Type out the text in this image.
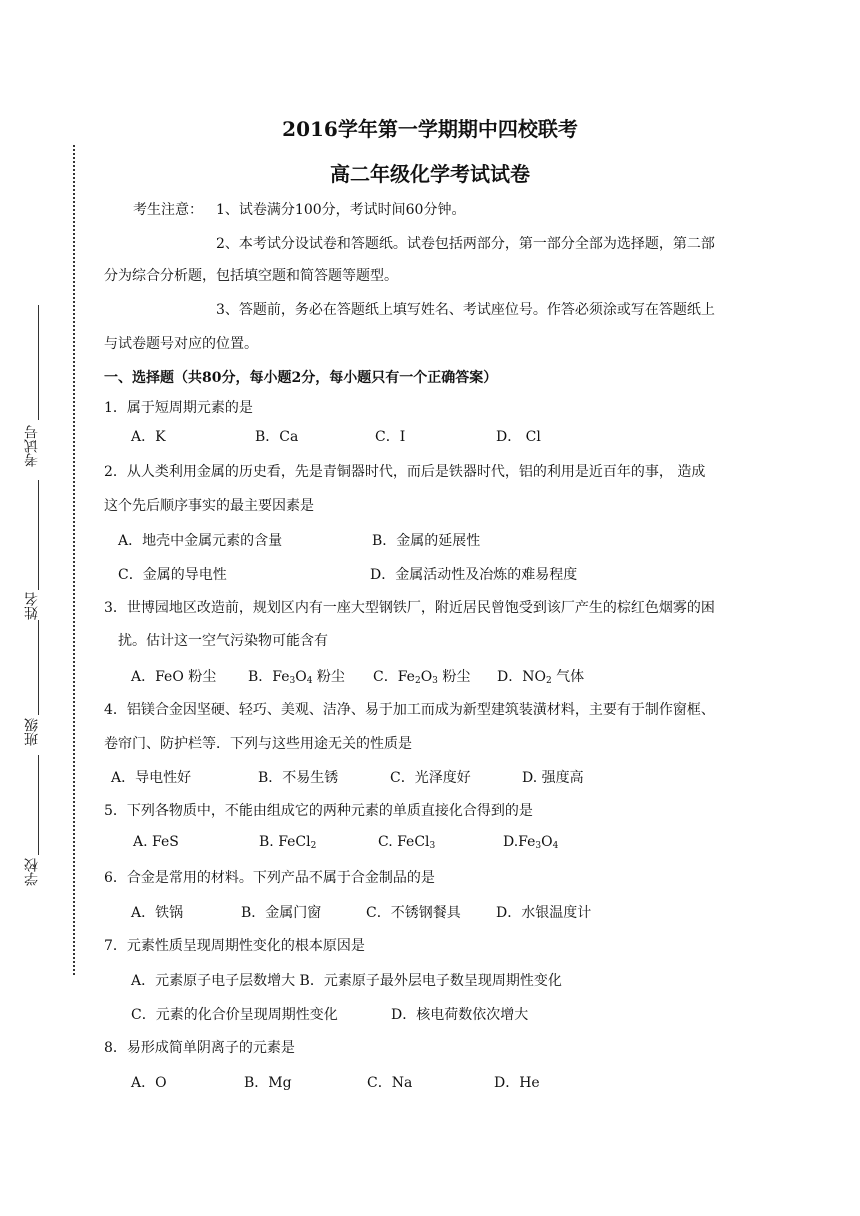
2016学年第一学期期中四校联考
高二年级化学考试试卷
考试号
姓名
班级
学校
考生注意： 1、试卷满分100分，考试时间60分钟。
2、本考试分设试卷和答题纸。试卷包括两部分，第一部分全部为选择题，第二部
分为综合分析题，包括填空题和简答题等题型。
3、答题前，务必在答题纸上填写姓名、考试座位号。作答必须涂或写在答题纸上
与试卷题号对应的位置。
一、选择题（共80分，每小题2分，每小题只有一个正确答案）
1．属于短周期元素的是
A．K	B．Ca	C．I	D． Cl
2．从人类利用金属的历史看，先是青铜器时代，而后是铁器时代，铝的利用是近百年的事， 造成
这个先后顺序事实的最主要因素是
A．地壳中金属元素的含量	B．金属的延展性
C．金属的导电性	D．金属活动性及冶炼的难易程度
3．世博园地区改造前，规划区内有一座大型钢铁厂，附近居民曾饱受到该厂产生的棕红色烟雾的困
扰。估计这一空气污染物可能含有
A．FeO 粉尘 B．$Fe_3O_4$ 粉尘 C．$Fe_2O_3$ 粉尘 D．$NO_2$ 气体
4．铝镁合金因坚硬、轻巧、美观、洁净、易于加工而成为新型建筑装潢材料，主要有于制作窗框、
卷帘门、防护栏等．下列与这些用途无关的性质是
A．导电性好	B．不易生锈	C．光泽度好	D. 强度高
5．下列各物质中，不能由组成它的两种元素的单质直接化合得到的是
A. FeS	B. FeCl$_2$	C. FeCl$_3$	$D.Fe_3O_4$
6．合金是常用的材料。下列产品不属于合金制品的是
A．铁锅	B．金属门窗	C．不锈钢餐具	D．水银温度计
7．元素性质呈现周期性变化的根本原因是
A．元素原子电子层数增大 B．元素原子最外层电子数呈现周期性变化
C．元素的化合价呈现周期性变化	D．核电荷数依次增大
8．易形成简单阴离子的元素是
A．O	B．Mg	C．Na	D．He
